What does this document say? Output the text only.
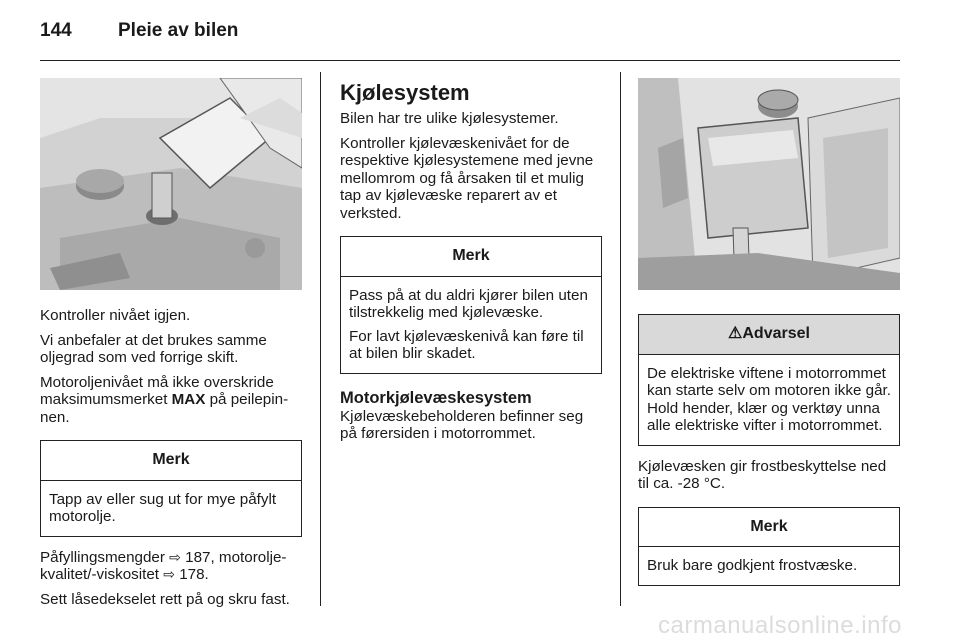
144 Pleie av bilen

Kontroller nivået igjen.

Vi anbefaler at det brukes samme oljegrad som ved forrige skift.

Motoroljenivået må ikke overskride maksimumsmerket MAX på peilepinnen.

Merk

Tapp av eller sug ut for mye påfylt motorolje.

Påfyllingsmengder ⇨ 187, motoroljekvalitet/-viskositet ⇨ 178.

Sett låsedekselet rett på og skru fast.

Kjølesystem

Bilen har tre ulike kjølesystemer.

Kontroller kjølevæskenivået for de respektive kjølesystemene med jevne mellomrom og få årsaken til et mulig tap av kjølevæske reparert av et verksted.

Merk

Pass på at du aldri kjører bilen uten tilstrekkelig med kjølevæske.

For lavt kjølevæskenivå kan føre til at bilen blir skadet.

Motorkjølevæskesystem

Kjølevæskebeholderen befinner seg på førersiden i motorrommet.

⚠Advarsel

De elektriske viftene i motorrommet kan starte selv om motoren ikke går. Hold hender, klær og verktøy unna alle elektriske vifter i motorrommet.

Kjølevæsken gir frostbeskyttelse ned til ca. -28 °C.

Merk

Bruk bare godkjent frostvæske.

carmanualsonline.info
